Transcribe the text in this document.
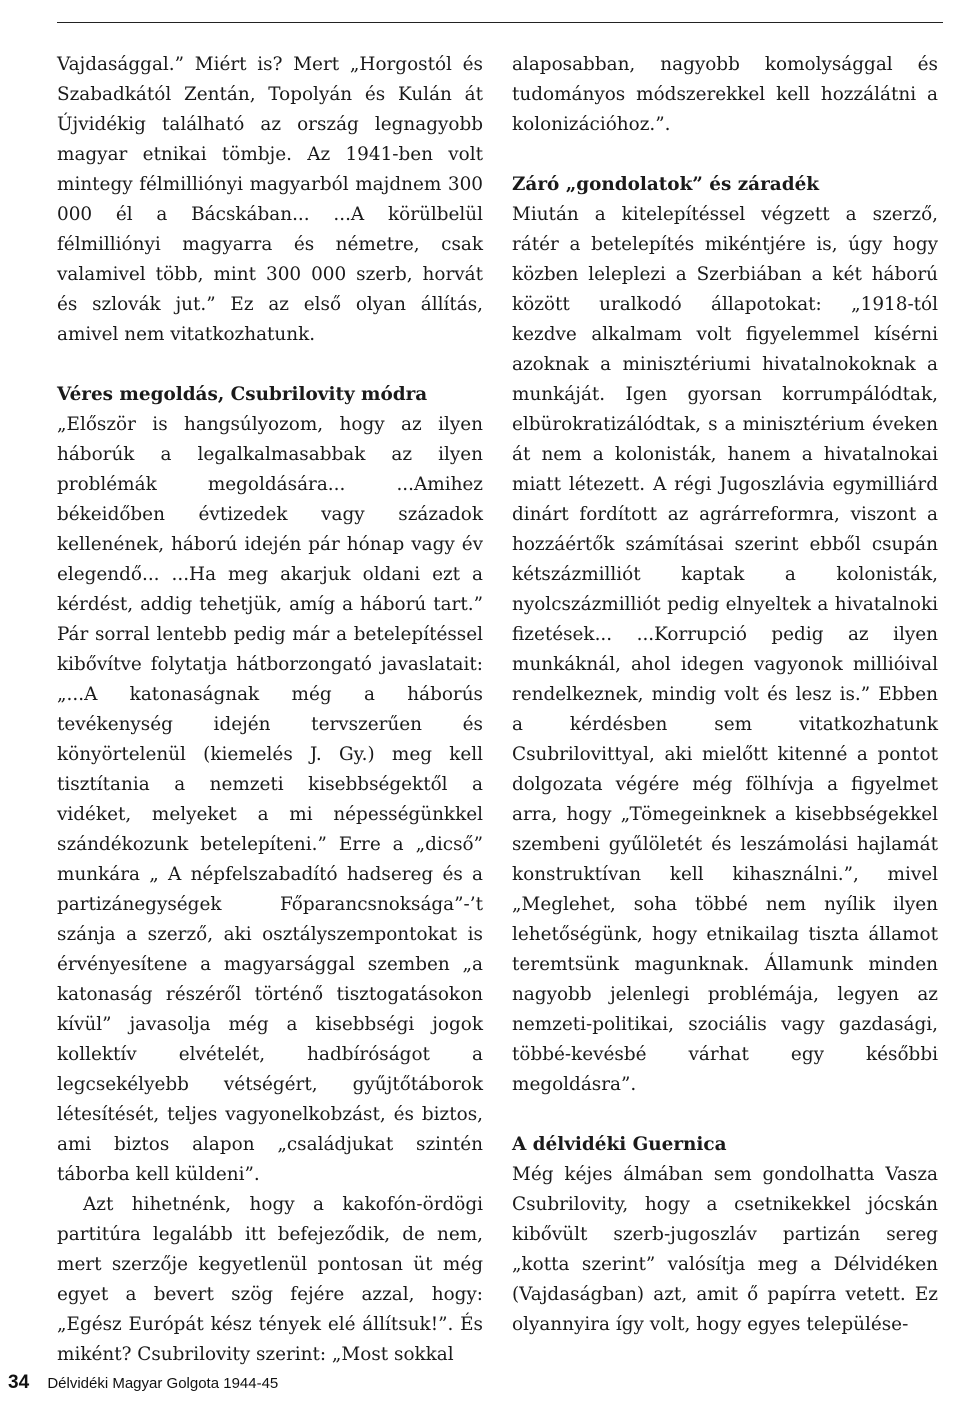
Vajdasággal.” Miért is? Mert „Horgostól és Szabadkától Zentán, Topolyán és Kulán át Újvidékig található az ország legnagyobb magyar etnikai tömbje. Az 1941-ben volt mintegy félmilliónyi magyarból majdnem 300 000 él a Bácskában... ...A körülbelül félmilliónyi magyarra és németre, csak valamivel több, mint 300 000 szerb, horvát és szlovák jut.” Ez az első olyan állítás, amivel nem vitatkozhatunk.

Véres megoldás, Csubrilovity módra

„Először is hangsúlyozom, hogy az ilyen háborúk a legalkalmasabbak az ilyen problémák megoldására... ...Amihez békeidőben évtizedek vagy századok kellenének, háború idején pár hónap vagy év elegendő... ...Ha meg akarjuk oldani ezt a kérdést, addig tehetjük, amíg a háború tart.” Pár sorral lentebb pedig már a betelepítéssel kibővítve folytatja hátborzongató javaslatait: „...A katonaságnak még a háborús tevékenység idején tervszerűen és könyörtelenül (kiemelés J. Gy.) meg kell tisztítania a nemzeti kisebbségektől a vidéket, melyeket a mi népességünkkel szándékozunk betelepíteni.” Erre a „dicső” munkára „ A népfelszabadító hadsereg és a partizánegységek Főparancsnoksága”-’t szánja a szerző, aki osztályszempontokat is érvényesítene a magyarsággal szemben „a katonaság részéről történő tisztogatásokon kívül” javasolja még a kisebbségi jogok kollektív elvételét, hadbíróságot a legcsekélyebb vétségért, gyűjtőtáborok létesítését, teljes vagyonelkobzást, és biztos, ami biztos alapon „családjukat szintén táborba kell küldeni”.

Azt hihetnénk, hogy a kakofón-ördögi partitúra legalább itt befejeződik, de nem, mert szerzője kegyetlenül pontosan üt még egyet a bevert szög fejére azzal, hogy: „Egész Európát kész tények elé állítsuk!”. És miként? Csubrilovity szerint: „Most sokkal

alaposabban, nagyobb komolysággal és tudományos módszerekkel kell hozzálátni a kolonizációhoz.”.

Záró „gondolatok” és záradék

Miután a kitelepítéssel végzett a szerző, rátér a betelepítés mikéntjére is, úgy hogy közben leleplezi a Szerbiában a két háború között uralkodó állapotokat: „1918-tól kezdve alkalmam volt figyelemmel kísérni azoknak a minisztériumi hivatalnokoknak a munkáját. Igen gyorsan korrumpálódtak, elbürokratizálódtak, s a minisztérium éveken át nem a kolonisták, hanem a hivatalnokai miatt létezett. A régi Jugoszlávia egymilliárd dinárt fordított az agrárreformra, viszont a hozzáértők számításai szerint ebből csupán kétszázmilliót kaptak a kolonisták, nyolcszázmilliót pedig elnyeltek a hivatalnoki fizetések... ...Korrupció pedig az ilyen munkáknál, ahol idegen vagyonok millióival rendelkeznek, mindig volt és lesz is.” Ebben a kérdésben sem vitatkozhatunk Csubrilovittyal, aki mielőtt kitenné a pontot dolgozata végére még fölhívja a figyelmet arra, hogy „Tömegeinknek a kisebbségekkel szembeni gyűlöletét és leszámolási hajlamát konstruktívan kell kihasználni.”, mivel „Meglehet, soha többé nem nyílik ilyen lehetőségünk, hogy etnikailag tiszta államot teremtsünk magunknak. Államunk minden nagyobb jelenlegi problémája, legyen az nemzeti-politikai, szociális vagy gazdasági, többé-kevésbé várhat egy későbbi megoldásra”.

A délvidéki Guernica

Még kéjes álmában sem gondolhatta Vasza Csubrilovity, hogy a csetnikekkel jócskán kibővült szerb-jugoszláv partizán sereg „kotta szerint” valósítja meg a Délvidéken (Vajdaságban) azt, amit ő papírra vetett. Ez olyannyira így volt, hogy egyes települése-

34 Délvidéki Magyar Golgota 1944-45
